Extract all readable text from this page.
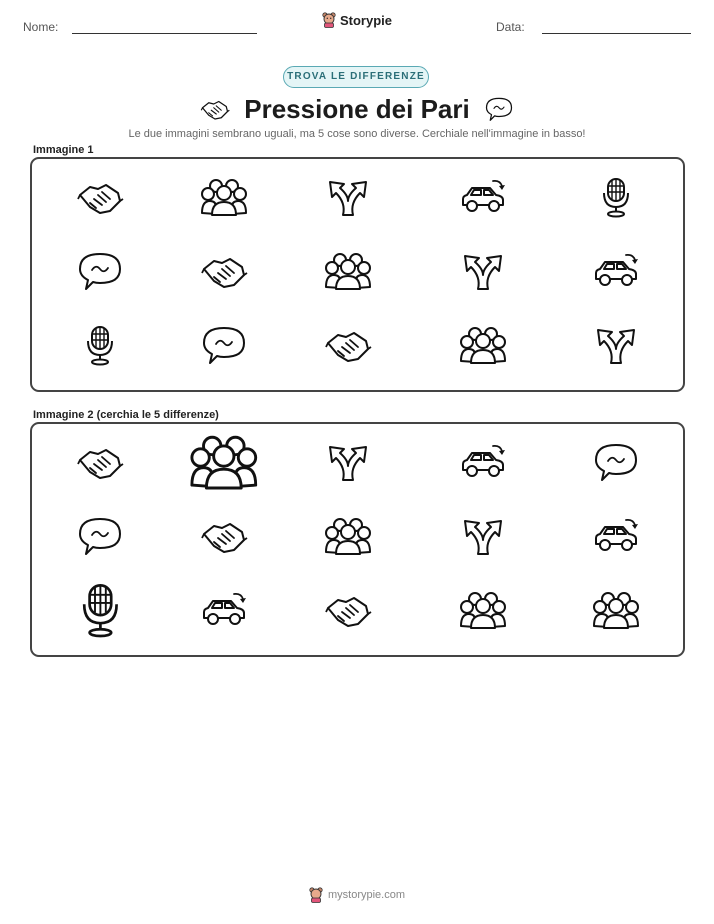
Nome:	Storypie	Data:
TROVA LE DIFFERENZE
Pressione dei Pari
Le due immagini sembrano uguali, ma 5 cose sono diverse. Cerchiale nell'immagine in basso!
Immagine 1
Immagine 2 (cerchia le 5 differenze)
mystorypie.com
